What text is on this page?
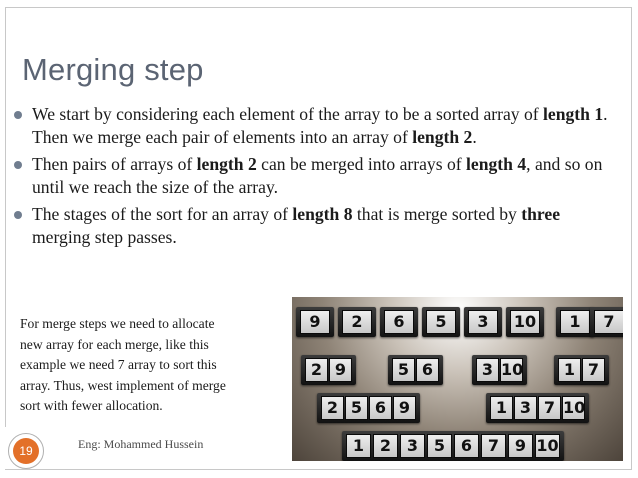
Merging step
We start by considering each element of the array to be a sorted array of length 1. Then we merge each pair of elements into an array of length 2.
Then pairs of arrays of length 2 can be merged into arrays of length 4, and so on until we reach the size of the array.
The stages of the sort for an array of length 8 that is merge sorted by three merging step passes.
For merge steps we need to allocate
new array for each merge, like this
example we need 7 array to sort this
array. Thus, west implement of merge
sort with fewer allocation.
9	2	6	5	3	10	1	7
2 9	5 6	3 10	1 7
2 5 6 9	1 3 7 10
1 2 3 5 6 7 9 10
19	Eng: Mohammed Hussein
